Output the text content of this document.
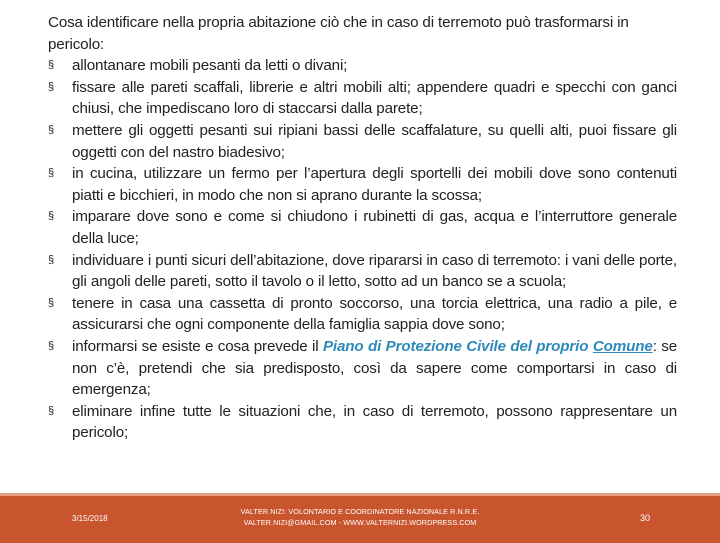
Cosa identificare nella propria abitazione ciò che in caso di terremoto può trasformarsi in pericolo:

§ allontanare mobili pesanti da letti o divani;
§ fissare alle pareti scaffali, librerie e altri mobili alti; appendere quadri e specchi con ganci chiusi, che impediscano loro di staccarsi dalla parete;
§ mettere gli oggetti pesanti sui ripiani bassi delle scaffalature, su quelli alti, puoi fissare gli oggetti con del nastro biadesivo;
§ in cucina, utilizzare un fermo per l’apertura degli sportelli dei mobili dove sono contenuti piatti e bicchieri, in modo che non si aprano durante la scossa;
§ imparare dove sono e come si chiudono i rubinetti di gas, acqua e l’interruttore generale della luce;
§ individuare i punti sicuri dell’abitazione, dove ripararsi in caso di terremoto: i vani delle porte, gli angoli delle pareti, sotto il tavolo o il letto, sotto ad un banco se a scuola;
§ tenere in casa una cassetta di pronto soccorso, una torcia elettrica, una radio a pile, e assicurarsi che ogni componente della famiglia sappia dove sono;
§ informarsi se esiste e cosa prevede il Piano di Protezione Civile del proprio Comune: se non c’è, pretendi che sia predisposto, così da sapere come comportarsi in caso di emergenza;
§ eliminare infine tutte le situazioni che, in caso di terremoto, possono rappresentare un pericolo;
3/15/2018
VALTER NIZI: VOLONTARIO E COORDINATORE NAZIONALE R.N.R.E.
VALTER.NIZI@GMAIL.COM - WWW.VALTERNIZI.WORDPRESS.COM	30
